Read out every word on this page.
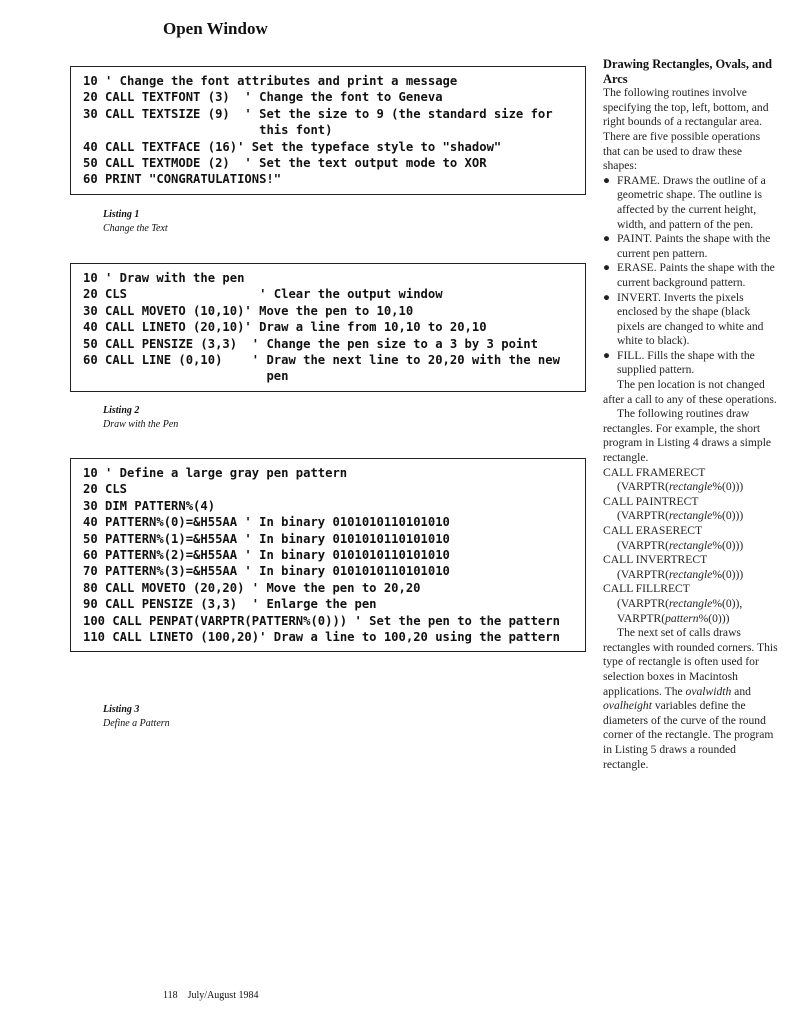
Open Window
10 ' Change the font attributes and print a message
20 CALL TEXTFONT (3)  ' Change the font to Geneva
30 CALL TEXTSIZE (9)  ' Set the size to 9 (the standard size for this font)
40 CALL TEXTFACE (16)' Set the typeface style to "shadow"
50 CALL TEXTMODE (2)  ' Set the text output mode to XOR
60 PRINT "CONGRATULATIONS!"
Listing 1
Change the Text
10 ' Draw with the pen
20 CLS                  ' Clear the output window
30 CALL MOVETO (10,10)' Move the pen to 10,10
40 CALL LINETO (20,10)' Draw a line from 10,10 to 20,10
50 CALL PENSIZE (3,3)  ' Change the pen size to a 3 by 3 point
60 CALL LINE (0,10)    ' Draw the next line to 20,20 with the new pen
Listing 2
Draw with the Pen
10 ' Define a large gray pen pattern
20 CLS
30 DIM PATTERN%(4)
40 PATTERN%(0)=&H55AA ' In binary 0101010110101010
50 PATTERN%(1)=&H55AA ' In binary 0101010110101010
60 PATTERN%(2)=&H55AA ' In binary 0101010110101010
70 PATTERN%(3)=&H55AA ' In binary 0101010110101010
80 CALL MOVETO (20,20) ' Move the pen to 20,20
90 CALL PENSIZE (3,3)  ' Enlarge the pen
100 CALL PENPAT(VARPTR(PATTERN%(0))) ' Set the pen to the pattern
110 CALL LINETO (100,20)' Draw a line to 100,20 using the pattern
Listing 3
Define a Pattern
Drawing Rectangles, Ovals, and Arcs

The following routines involve specifying the top, left, bottom, and right bounds of a rectangular area. There are five possible operations that can be used to draw these shapes:

● FRAME. Draws the outline of a geometric shape. The outline is affected by the current height, width, and pattern of the pen.
● PAINT. Paints the shape with the current pen pattern.
● ERASE. Paints the shape with the current background pattern.
● INVERT. Inverts the pixels enclosed by the shape (black pixels are changed to white and white to black).
● FILL. Fills the shape with the supplied pattern.

The pen location is not changed after a call to any of these operations.

The following routines draw rectangles. For example, the short program in Listing 4 draws a simple rectangle.

CALL FRAMERECT
(VARPTR(rectangle%(0)))
CALL PAINTRECT
(VARPTR(rectangle%(0)))
CALL ERASERECT
(VARPTR(rectangle%(0)))
CALL INVERTRECT
(VARPTR(rectangle%(0)))
CALL FILLRECT
(VARPTR(rectangle%(0)),
VARPTR(pattern%(0)))

The next set of calls draws rectangles with rounded corners. This type of rectangle is often used for selection boxes in Macintosh applications. The ovalwidth and ovalheight variables define the diameters of the curve of the round corner of the rectangle. The program in Listing 5 draws a rounded rectangle.

118 July/August 1984
